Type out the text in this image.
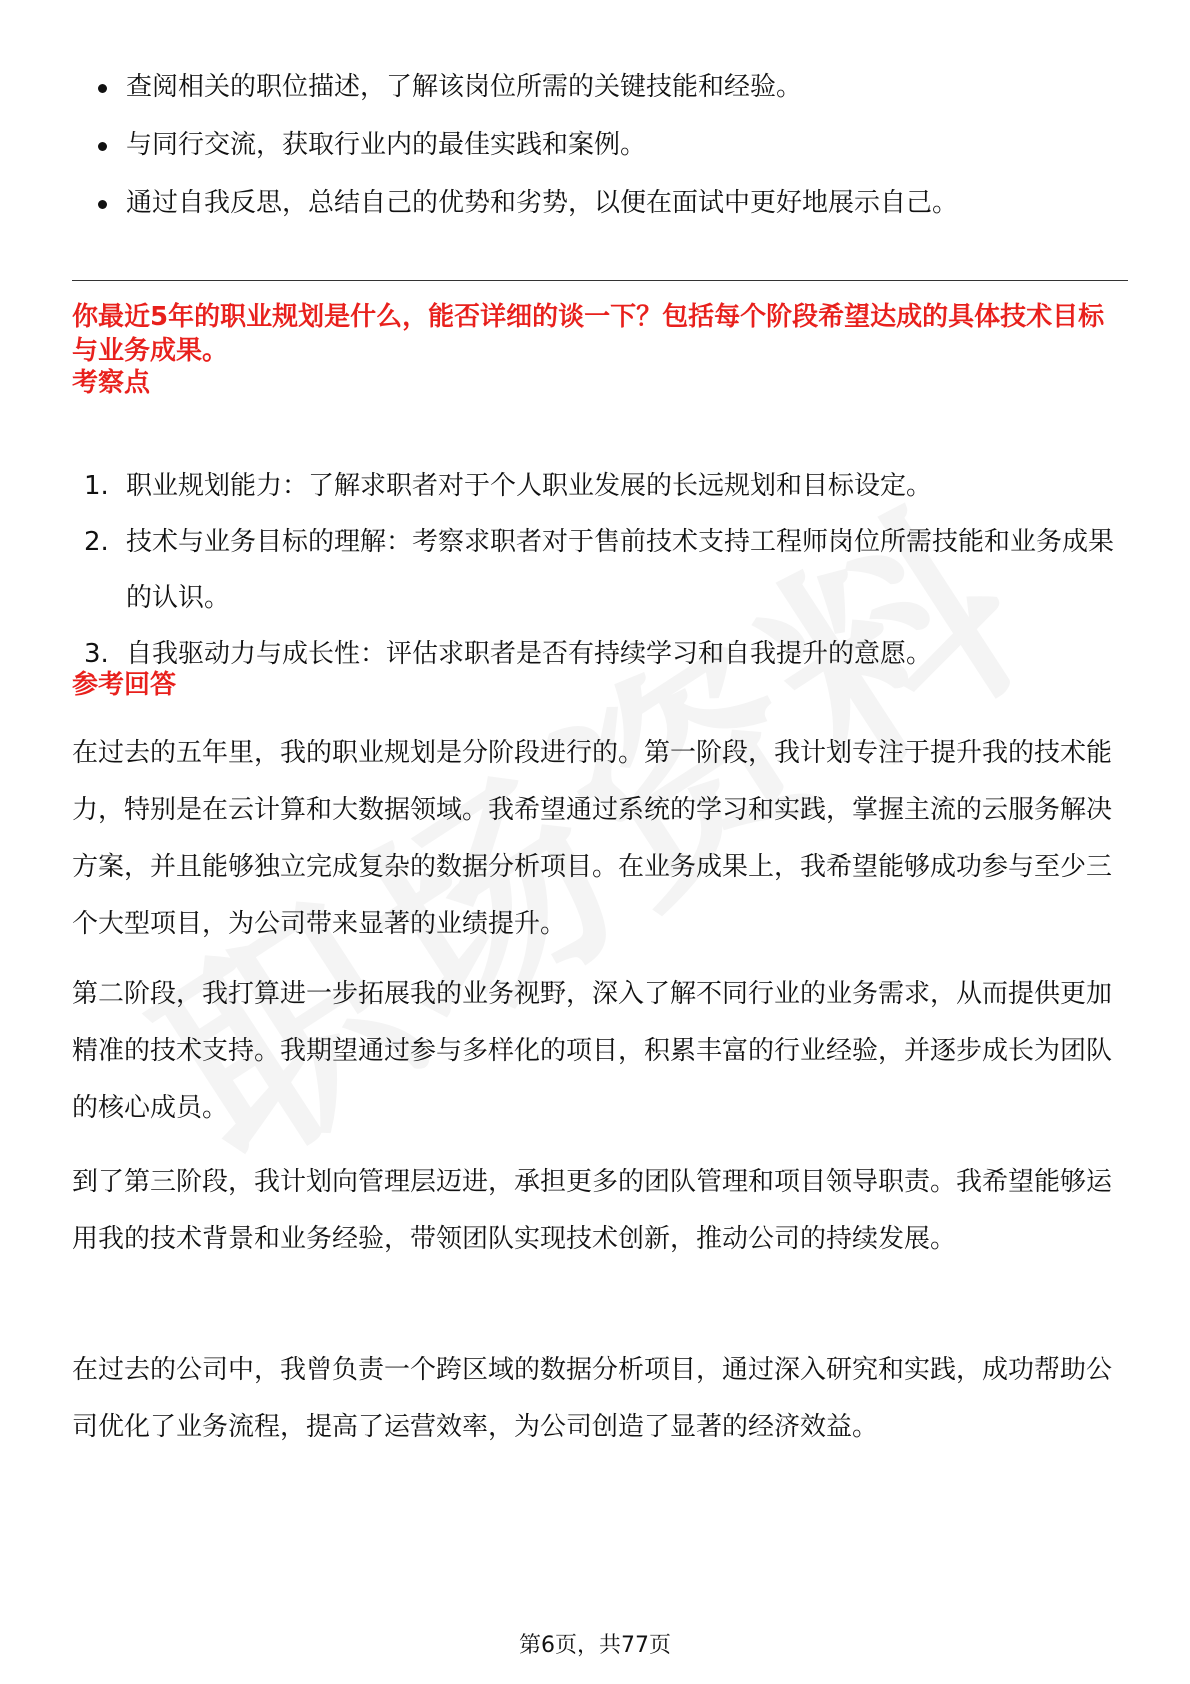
查阅相关的职位描述，了解该岗位所需的关键技能和经验。
与同行交流，获取行业内的最佳实践和案例。
通过自我反思，总结自己的优势和劣势，以便在面试中更好地展示自己。

你最近5年的职业规划是什么，能否详细的谈一下？包括每个阶段希望达成的具体技术目标与业务成果。

考察点

1. 职业规划能力：了解求职者对于个人职业发展的长远规划和目标设定。
2. 技术与业务目标的理解：考察求职者对于售前技术支持工程师岗位所需技能和业务成果的认识。
3. 自我驱动力与成长性：评估求职者是否有持续学习和自我提升的意愿。

参考回答

在过去的五年里，我的职业规划是分阶段进行的。第一阶段，我计划专注于提升我的技术能力，特别是在云计算和大数据领域。我希望通过系统的学习和实践，掌握主流的云服务解决方案，并且能够独立完成复杂的数据分析项目。在业务成果上，我希望能够成功参与至少三个大型项目，为公司带来显著的业绩提升。

第二阶段，我打算进一步拓展我的业务视野，深入了解不同行业的业务需求，从而提供更加精准的技术支持。我期望通过参与多样化的项目，积累丰富的行业经验，并逐步成长为团队的核心成员。

到了第三阶段，我计划向管理层迈进，承担更多的团队管理和项目领导职责。我希望能够运用我的技术背景和业务经验，带领团队实现技术创新，推动公司的持续发展。

在过去的公司中，我曾负责一个跨区域的数据分析项目，通过深入研究和实践，成功帮助公司优化了业务流程，提高了运营效率，为公司创造了显著的经济效益。

第6页，共77页
